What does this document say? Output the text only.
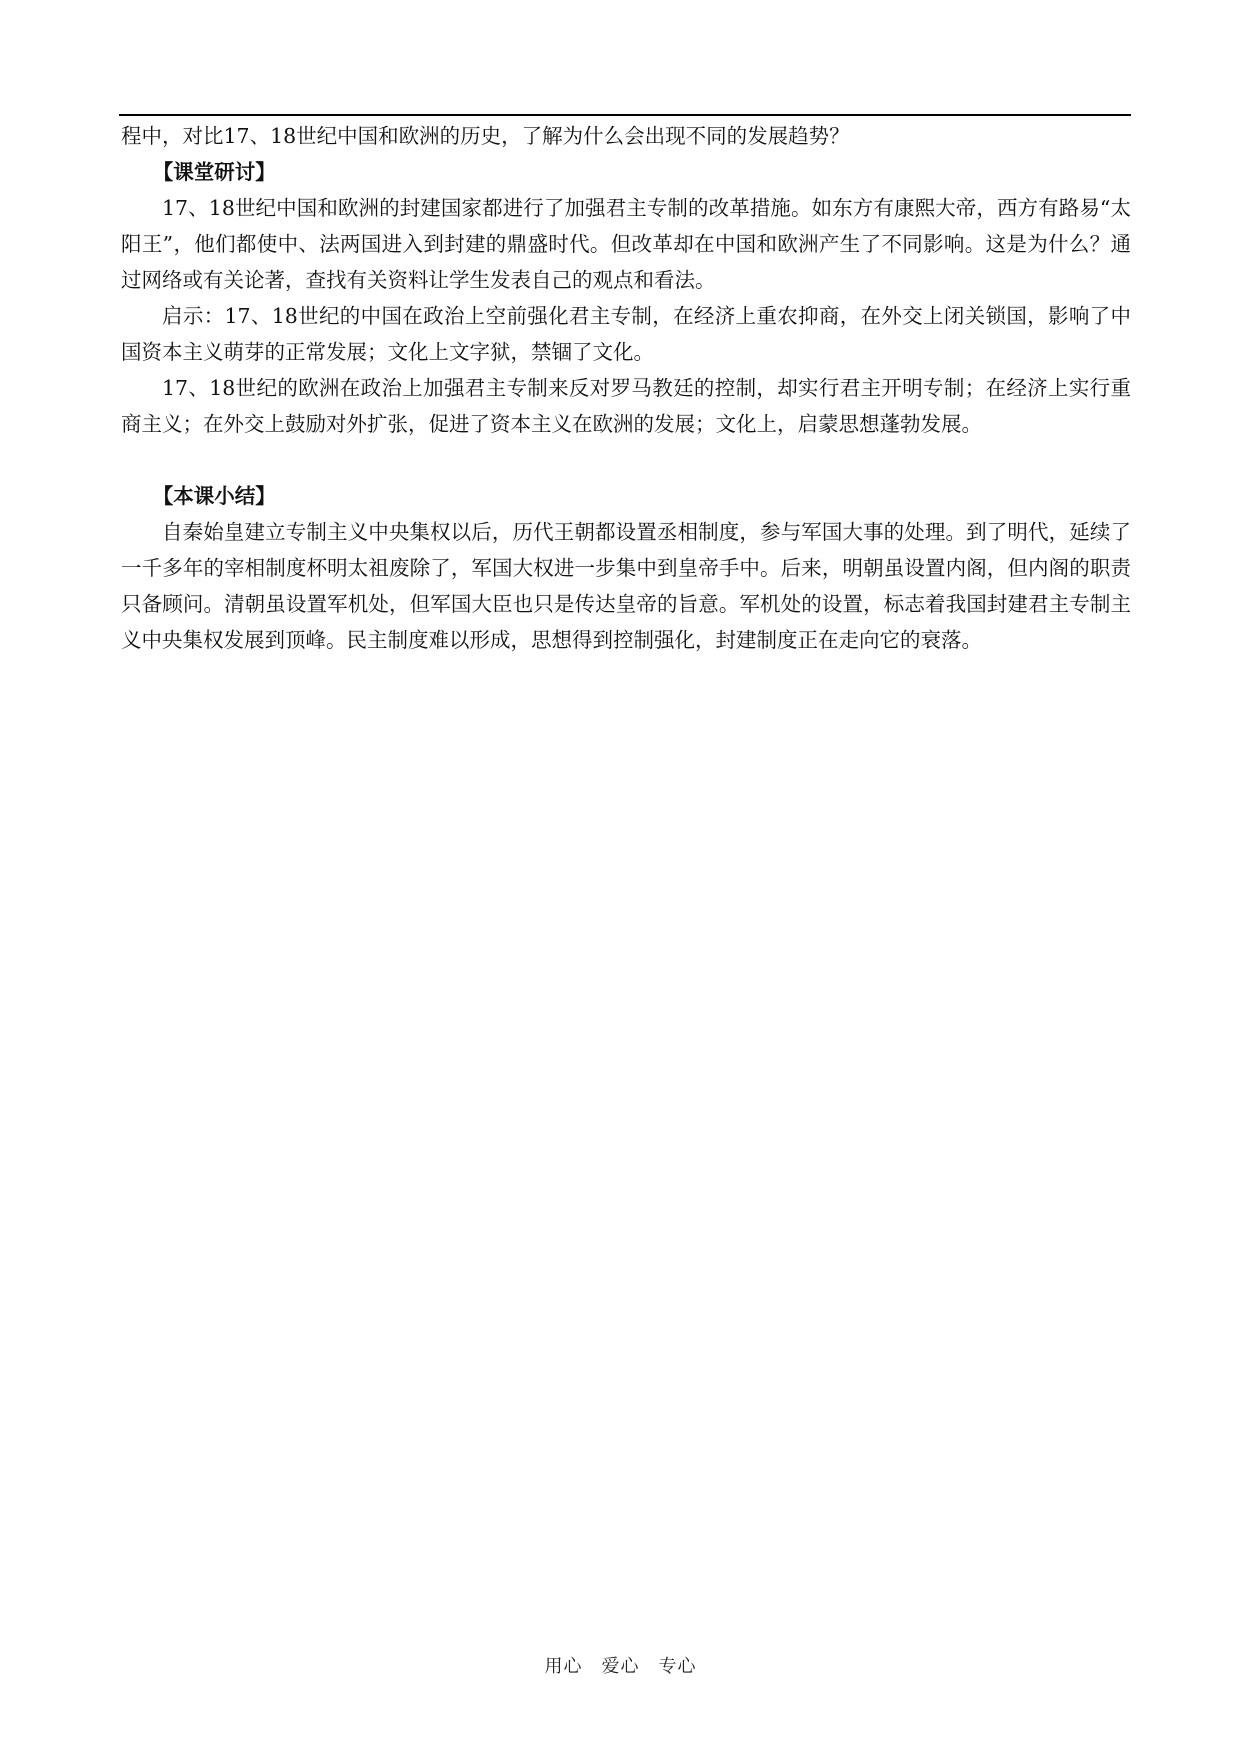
程中，对比17、18世纪中国和欧洲的历史，了解为什么会出现不同的发展趋势？

【课堂研讨】

17、18世纪中国和欧洲的封建国家都进行了加强君主专制的改革措施。如东方有康熙大帝，西方有路易“太阳王”，他们都使中、法两国进入到封建的鼎盛时代。但改革却在中国和欧洲产生了不同影响。这是为什么？通过网络或有关论著，查找有关资料让学生发表自己的观点和看法。

启示：17、18世纪的中国在政治上空前强化君主专制，在经济上重农抑商，在外交上闭关锁国，影响了中国资本主义萌芽的正常发展；文化上文字狱，禁锢了文化。

17、18世纪的欧洲在政治上加强君主专制来反对罗马教廷的控制，却实行君主开明专制；在经济上实行重商主义；在外交上鼓励对外扩张，促进了资本主义在欧洲的发展；文化上，启蒙思想蓬勃发展。

【本课小结】

自秦始皇建立专制主义中央集权以后，历代王朝都设置丞相制度，参与军国大事的处理。到了明代，延续了一千多年的宰相制度杯明太祖废除了，军国大权进一步集中到皇帝手中。后来，明朝虽设置内阁，但内阁的职责只备顾问。清朝虽设置军机处，但军国大臣也只是传达皇帝的旨意。军机处的设置，标志着我国封建君主专制主义中央集权发展到顶峰。民主制度难以形成，思想得到控制强化，封建制度正在走向它的衰落。

用心　爱心　专心
